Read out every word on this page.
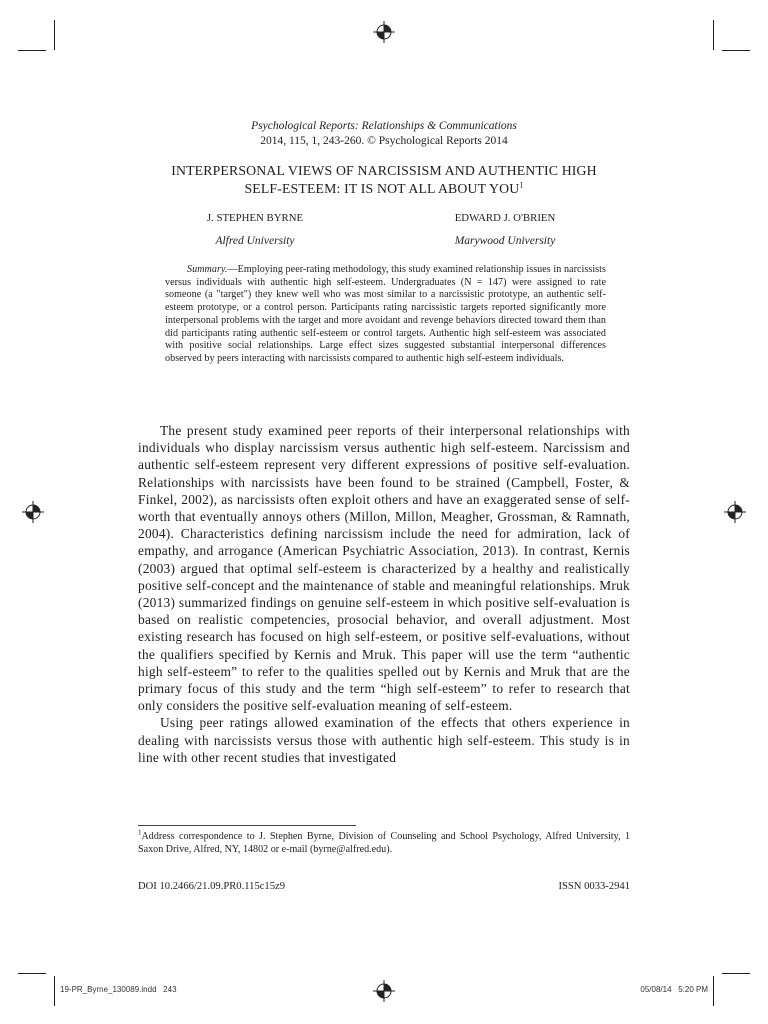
Psychological Reports: Relationships & Communications
2014, 115, 1, 243-260. © Psychological Reports 2014
INTERPERSONAL VIEWS OF NARCISSISM AND AUTHENTIC HIGH
SELF-ESTEEM: IT IS NOT ALL ABOUT YOU$^1$
J. STEPHEN BYRNE	EDWARD J. O'BRIEN
Alfred University	Marywood University
Summary.—Employing peer-rating methodology, this study examined relationship issues in narcissists versus individuals with authentic high self-esteem. Undergraduates (N = 147) were assigned to rate someone (a "target") they knew well who was most similar to a narcissistic prototype, an authentic self-esteem prototype, or a control person. Participants rating narcissistic targets reported significantly more interpersonal problems with the target and more avoidant and revenge behaviors directed toward them than did participants rating authentic self-esteem or control targets. Authentic high self-esteem was associated with positive social relationships. Large effect sizes suggested substantial interpersonal differences observed by peers interacting with narcissists compared to authentic high self-esteem individuals.

The present study examined peer reports of their interpersonal relationships with individuals who display narcissism versus authentic high self-esteem. Narcissism and authentic self-esteem represent very different expressions of positive self-evaluation. Relationships with narcissists have been found to be strained (Campbell, Foster, & Finkel, 2002), as narcissists often exploit others and have an exaggerated sense of self-worth that eventually annoys others (Millon, Millon, Meagher, Grossman, & Ramnath, 2004). Characteristics defining narcissism include the need for admiration, lack of empathy, and arrogance (American Psychiatric Association, 2013). In contrast, Kernis (2003) argued that optimal self-esteem is characterized by a healthy and realistically positive self-concept and the maintenance of stable and meaningful relationships. Mruk (2013) summarized findings on genuine self-esteem in which positive self-evaluation is based on realistic competencies, prosocial behavior, and overall adjustment. Most existing research has focused on high self-esteem, or positive self-evaluations, without the qualifiers specified by Kernis and Mruk. This paper will use the term “authentic high self-esteem” to refer to the qualities spelled out by Kernis and Mruk that are the primary focus of this study and the term “high self-esteem” to refer to research that only considers the positive self-evaluation meaning of self-esteem.

Using peer ratings allowed examination of the effects that others experience in dealing with narcissists versus those with authentic high self-esteem. This study is in line with other recent studies that investigated

$^1$Address correspondence to J. Stephen Byrne, Division of Counseling and School Psychology, Alfred University, 1 Saxon Drive, Alfred, NY, 14802 or e-mail (byrne@alfred.edu).
DOI 10.2466/21.09.PR0.115c15z9	ISSN 0033-2941
19-PR_Byrne_130089.indd   243	05/08/14   5:20 PM
